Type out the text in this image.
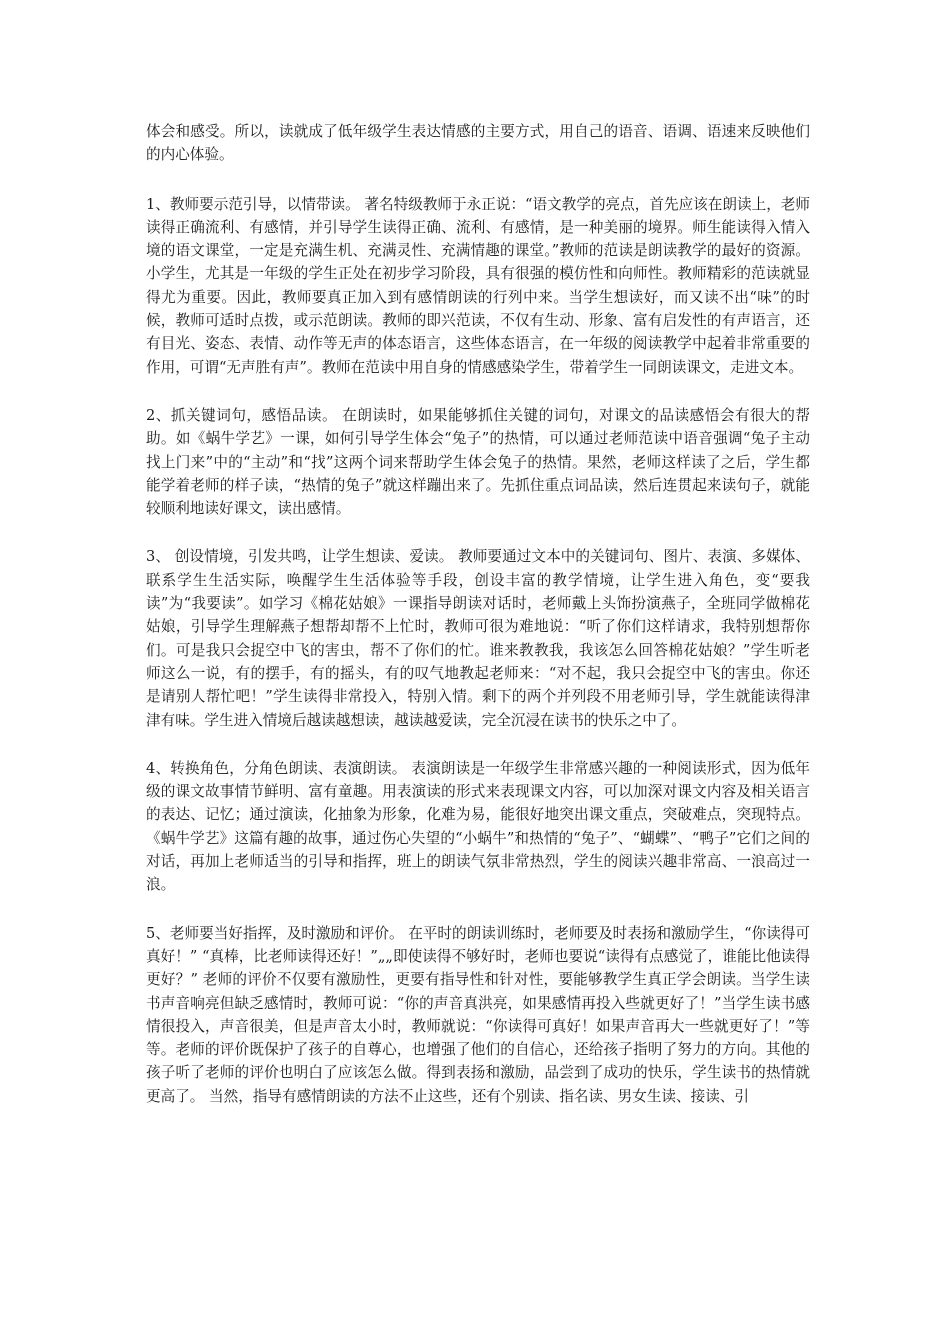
体会和感受。所以，读就成了低年级学生表达情感的主要方式，用自己的语音、语调、语速来反映他们的内心体验。

1、教师要示范引导，以情带读。 著名特级教师于永正说：“语文教学的亮点，首先应该在朗读上，老师读得正确流利、有感情，并引导学生读得正确、流利、有感情，是一种美丽的境界。师生能读得入情入境的语文课堂，一定是充满生机、充满灵性、充满情趣的课堂。”教师的范读是朗读教学的最好的资源。小学生，尤其是一年级的学生正处在初步学习阶段，具有很强的模仿性和向师性。教师精彩的范读就显得尤为重要。因此，教师要真正加入到有感情朗读的行列中来。当学生想读好，而又读不出“味”的时候，教师可适时点拨，或示范朗读。教师的即兴范读，不仅有生动、形象、富有启发性的有声语言，还有目光、姿态、表情、动作等无声的体态语言，这些体态语言，在一年级的阅读教学中起着非常重要的作用，可谓“无声胜有声”。教师在范读中用自身的情感感染学生，带着学生一同朗读课文，走进文本。

2、抓关键词句，感悟品读。 在朗读时，如果能够抓住关键的词句，对课文的品读感悟会有很大的帮助。如《蜗牛学艺》一课，如何引导学生体会“兔子”的热情，可以通过老师范读中语音强调“兔子主动找上门来”中的“主动”和“找”这两个词来帮助学生体会兔子的热情。果然，老师这样读了之后，学生都能学着老师的样子读，“热情的兔子”就这样蹦出来了。先抓住重点词品读，然后连贯起来读句子，就能较顺利地读好课文，读出感情。

3、 创设情境，引发共鸣，让学生想读、爱读。 教师要通过文本中的关键词句、图片、表演、多媒体、联系学生生活实际，唤醒学生生活体验等手段，创设丰富的教学情境，让学生进入角色，变“要我读”为“我要读”。如学习《棉花姑娘》一课指导朗读对话时，老师戴上头饰扮演燕子，全班同学做棉花姑娘，引导学生理解燕子想帮却帮不上忙时，教师可很为难地说：“听了你们这样请求，我特别想帮你们。可是我只会捉空中飞的害虫，帮不了你们的忙。谁来教教我，我该怎么回答棉花姑娘？”学生听老师这么一说，有的摆手，有的摇头，有的叹气地教起老师来：“对不起，我只会捉空中飞的害虫。你还是请别人帮忙吧！”学生读得非常投入，特别入情。剩下的两个并列段不用老师引导，学生就能读得津津有味。学生进入情境后越读越想读，越读越爱读，完全沉浸在读书的快乐之中了。

4、转换角色，分角色朗读、表演朗读。 表演朗读是一年级学生非常感兴趣的一种阅读形式，因为低年级的课文故事情节鲜明、富有童趣。用表演读的形式来表现课文内容，可以加深对课文内容及相关语言的表达、记忆；通过演读，化抽象为形象，化难为易，能很好地突出课文重点，突破难点，突现特点。《蜗牛学艺》这篇有趣的故事，通过伤心失望的“小蜗牛”和热情的“兔子”、“蝴蝶”、“鸭子”它们之间的对话，再加上老师适当的引导和指挥，班上的朗读气氛非常热烈，学生的阅读兴趣非常高、一浪高过一浪。

5、老师要当好指挥，及时激励和评价。 在平时的朗读训练时，老师要及时表扬和激励学生，“你读得可真好！” “真棒，比老师读得还好！”„„即使读得不够好时，老师也要说“读得有点感觉了，谁能比他读得更好？” 老师的评价不仅要有激励性，更要有指导性和针对性，要能够教学生真正学会朗读。当学生读书声音响亮但缺乏感情时，教师可说：“你的声音真洪亮，如果感情再投入些就更好了！”当学生读书感情很投入，声音很美，但是声音太小时，教师就说：“你读得可真好！如果声音再大一些就更好了！”等等。老师的评价既保护了孩子的自尊心，也增强了他们的自信心，还给孩子指明了努力的方向。其他的孩子听了老师的评价也明白了应该怎么做。得到表扬和激励，品尝到了成功的快乐，学生读书的热情就更高了。 当然，指导有感情朗读的方法不止这些，还有个别读、指名读、男女生读、接读、引
